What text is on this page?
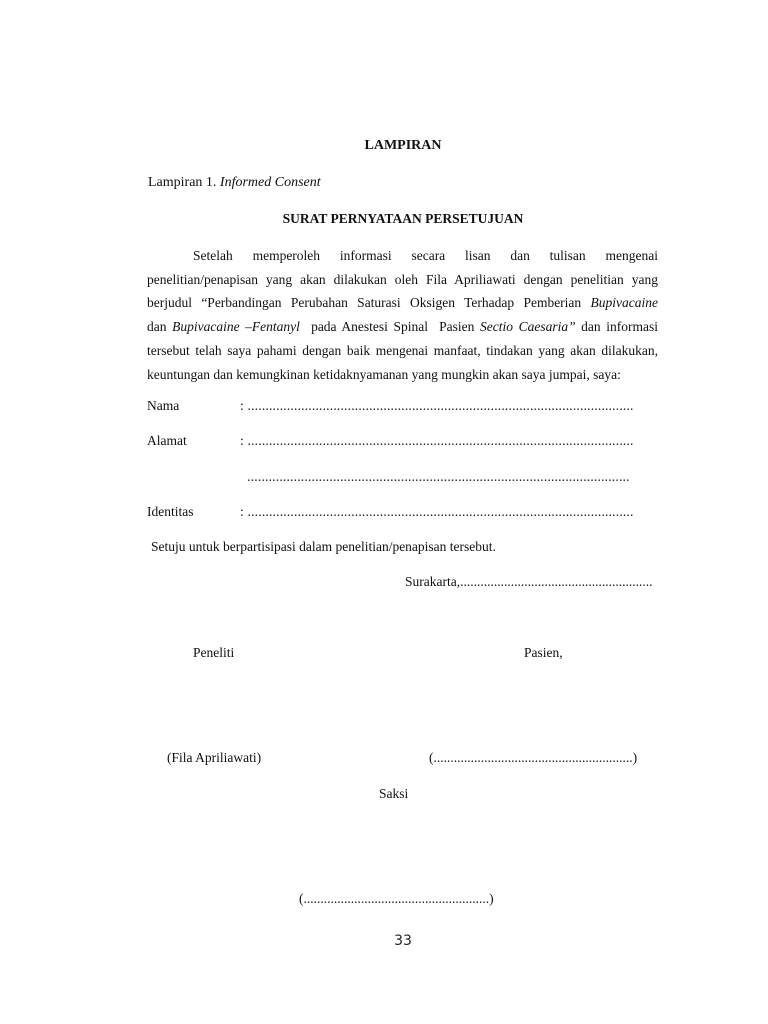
LAMPIRAN
Lampiran 1. Informed Consent
SURAT PERNYATAAN PERSETUJUAN
Setelah memperoleh informasi secara lisan dan tulisan mengenai
penelitian/penapisan yang akan dilakukan oleh Fila Apriliawati dengan penelitian yang
berjudul “Perbandingan Perubahan Saturasi Oksigen Terhadap Pemberian Bupivacaine
dan Bupivacaine –Fentanyl  pada Anestesi Spinal  Pasien Sectio Caesaria” dan informasi
tersebut telah saya pahami dengan baik mengenai manfaat, tindakan yang akan dilakukan,
keuntungan dan kemungkinan ketidaknyamanan yang mungkin akan saya jumpai, saya:
Nama	: ............................................................................................................
Alamat	: ............................................................................................................
...........................................................................................................
Identitas	: ............................................................................................................
Setuju untuk berpartisipasi dalam penelitian/penapisan tersebut.
Surakarta,.........................................................
Peneliti	Pasien,
(Fila Apriliawati)	(...........................................................)
Saksi
(.......................................................)
33
